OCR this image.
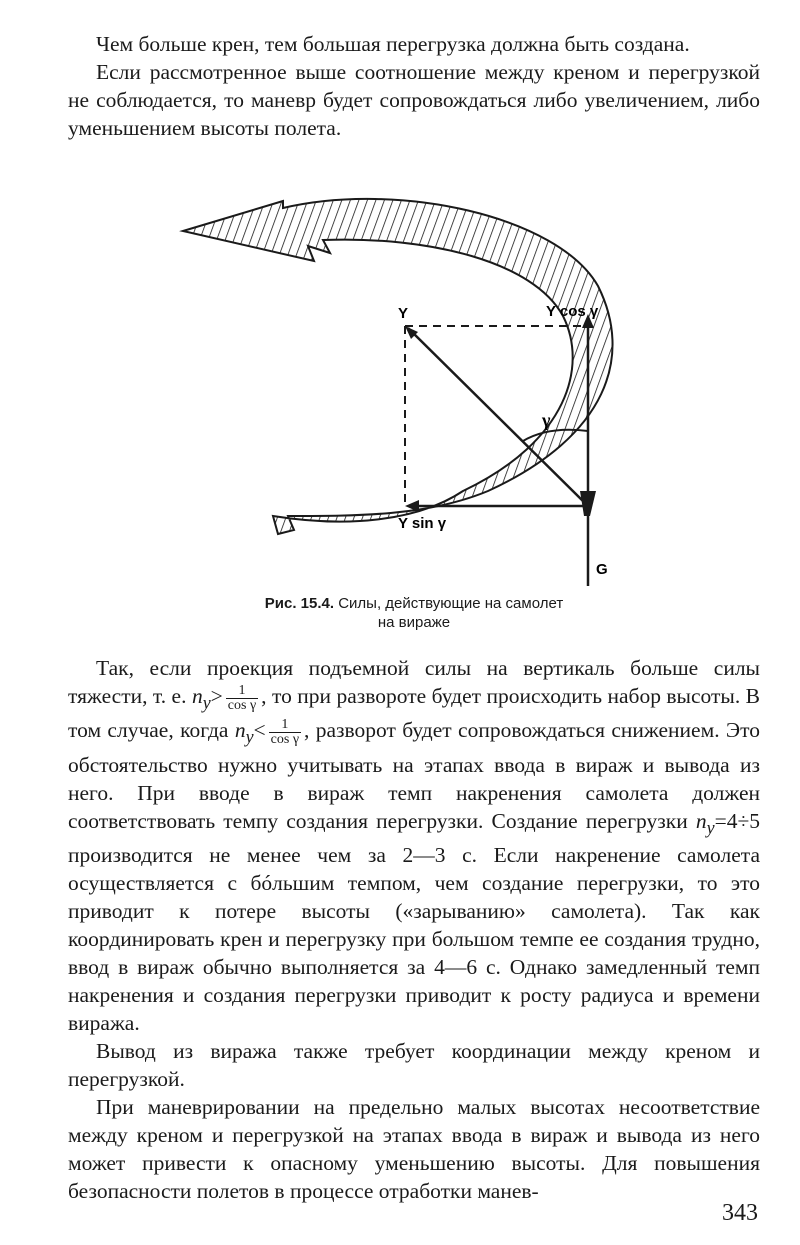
Чем больше крен, тем большая перегрузка должна быть создана.

Если рассмотренное выше соотношение между креном и перегрузкой не соблюдается, то маневр будет сопровождаться либо увеличением, либо уменьшением высоты полета.

Y	Y cos γ
Y sin γ
γ
G
Рис. 15.4. Силы, действующие на самолет
на вираже

Так, если проекция подъемной силы на вертикаль больше силы тяжести, т. е. $n_y> \frac{1}{\text{cos γ}}$ , то при развороте будет происходить набор высоты. В том случае, когда $n_y< \frac{1}{\text{cos γ}}$ , разворот будет сопровождаться снижением. Это обстоятельство нужно учитывать на этапах ввода в вираж и вывода из него. При вводе в вираж темп накренения самолета должен соответствовать темпу создания перегрузки. Создание перегрузки $n_y=4\div 5$ производится не менее чем за 2—3 с. Если накренение самолета осуществляется с бóльшим темпом, чем создание перегрузки, то это приводит к потере высоты («зарыванию» самолета). Так как координировать крен и перегрузку при большом темпе ее создания трудно, ввод в вираж обычно выполняется за 4—6 с. Однако замедленный темп накренения и создания перегрузки приводит к росту радиуса и времени виража.

Вывод из виража также требует координации между креном и перегрузкой.

При маневрировании на предельно малых высотах несоответствие между креном и перегрузкой на этапах ввода в вираж и вывода из него может привести к опасному уменьшению высоты. Для повышения безопасности полетов в процессе отработки манев-

343
